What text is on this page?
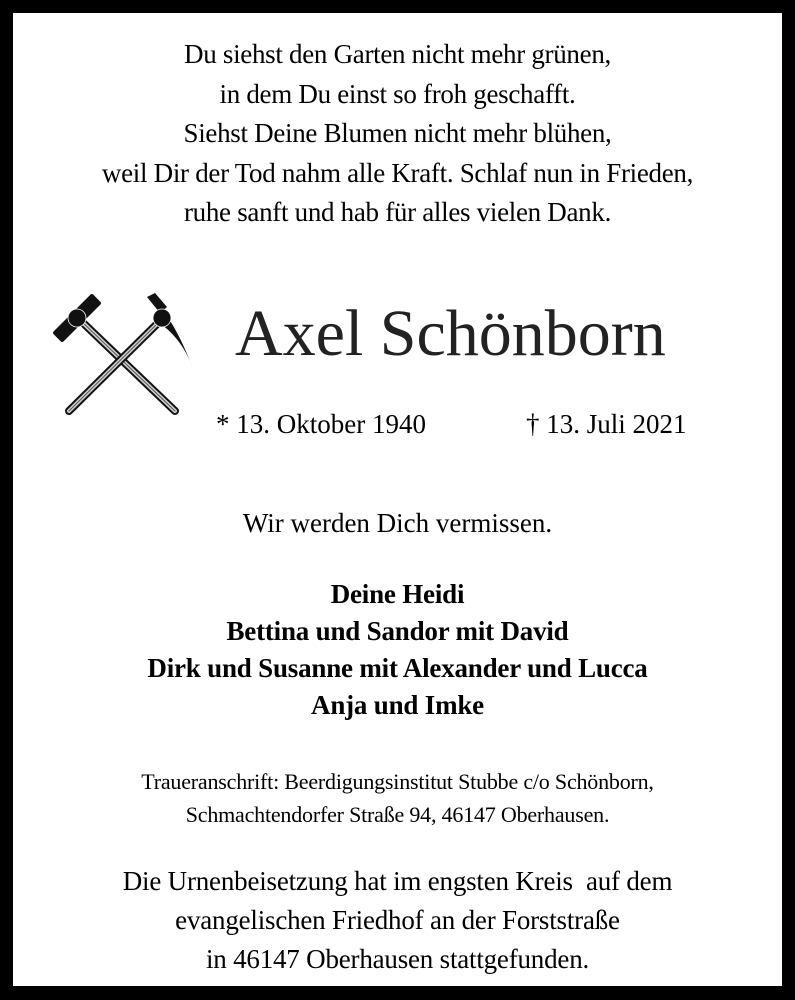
Du siehst den Garten nicht mehr grünen,
in dem Du einst so froh geschafft.
Siehst Deine Blumen nicht mehr blühen,
weil Dir der Tod nahm alle Kraft. Schlaf nun in Frieden,
ruhe sanft und hab für alles vielen Dank.
Axel Schönborn
* 13. Oktober 1940	† 13. Juli 2021
Wir werden Dich vermissen.
Deine Heidi
Bettina und Sandor mit David
Dirk und Susanne mit Alexander und Lucca
Anja und Imke
Traueranschrift: Beerdigungsinstitut Stubbe c/o Schönborn,
Schmachtendorfer Straße 94, 46147 Oberhausen.
Die Urnenbeisetzung hat im engsten Kreis  auf dem
evangelischen Friedhof an der Forststraße
in 46147 Oberhausen stattgefunden.
